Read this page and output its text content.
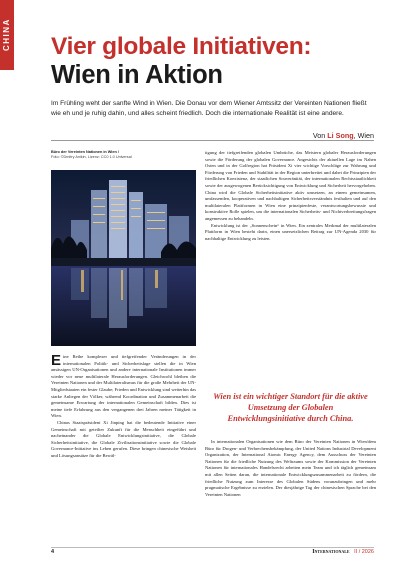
CHINA Vier globale Initiativen:
Wien in Aktion

Im Frühling weht der sanfte Wind in Wien. Die Donau vor dem Wiener Amtssitz der Vereinten Nationen fließt wie eh und je ruhig dahin, und alles scheint friedlich. Doch die internationale Realität ist eine andere.

Von Li Song, Wien
Büro der Vereinten Nationen in Wien /
Foto: ©Dmitry Anikin, Lizenz: CC0 1.0 Universal

Eine Reihe komplexer und tiefgreifender Veränderungen in der internationalen Politik- und Sicherheitslage stellen die in Wien ansässigen UN-Organisationen und andere internationale Institutionen immer wieder vor neue multilaterale Herausforderungen. Gleichwohl bleiben die Vereinten Nationen und der Multilateralismus für die große Mehrheit der UN-Mitgliedstaaten ein fester Glaube; Frieden und Entwicklung sind weiterhin das starke Anliegen der Völker, während Koordination und Zusammenarbeit die gemeinsame Erwartung der internationalen Gemeinschaft bilden. Dies ist meine tiefe Erfahrung aus den vergangenen drei Jahren meiner Tätigkeit in Wien.

Chinas Staatspräsident Xi Jinping hat die bedeutende Initiative einer Gemeinschaft mit geteilter Zukunft für die Menschheit eingeführt und nacheinander die Globale Entwicklungsinitiative, die Globale Sicherheitsinitiative, die Globale Zivilisationsinitiative sowie die Globale Governance-Initiative ins Leben gerufen. Diese bringen chinesische Weisheit und Lösungsansätze für die Bewäl-

tigung der tiefgreifenden globalen Umbrüche, das Meistern globaler Herausforderungen sowie die Förderung der globalen Governance. Angesichts der aktuellen Lage im Nahen Osten und in der Golfregion hat Präsident Xi vier wichtige Vorschläge zur Wahrung und Förderung von Frieden und Stabilität in der Region unterbreitet und dabei die Prinzipien der friedlichen Koexistenz, der staatlichen Souveränität, der internationalen Rechtsstaatlichkeit sowie der ausgewogenen Berücksichtigung von Entwicklung und Sicherheit hervorgehoben. China wird die Globale Sicherheitsinitiative aktiv umsetzen, an einem gemeinsamen, umfassenden, kooperativen und nachhaltigen Sicherheitsverständnis festhalten und auf den multilateralen Plattformen in Wien eine prinzipienfeste, verantwortungsbewusste und konstruktive Rolle spielen, um die internationalen Sicherheits- und Nichtverbreitungsfragen angemessen zu behandeln.

Entwicklung ist der „Sonnenschein“ in Wien. Ein zentrales Merkmal der multilateralen Plattform in Wien besteht darin, einen unersetzlichen Beitrag zur UN-Agenda 2030 für nachhaltige Entwicklung zu leisten.

Wien ist ein wichtiger Standort für die aktive Umsetzung der Globalen Entwicklungsinitiative durch China.

In internationalen Organisationen wie dem Büro der Vereinten Nationen in Wien/dem Büro für Drogen- und Verbrechensbekämpfung, der United Nations Industrial Development Organization, der International Atomic Energy Agency, dem Ausschuss der Vereinten Nationen für die friedliche Nutzung des Weltraums sowie der Kommission der Vereinten Nationen für internationales Handelsrecht arbeiten mein Team und ich täglich gemeinsam mit allen Seiten daran, die internationale Entwicklungszusammenarbeit zu fördern, die friedliche Nutzung zum Interesse des Globalen Südens voranzubringen und mehr pragmatische Ergebnisse zu erzielen. Der diesjährige Tag der chinesischen Sprache bei den Vereinten Nationen

4	Internationale II / 2026
